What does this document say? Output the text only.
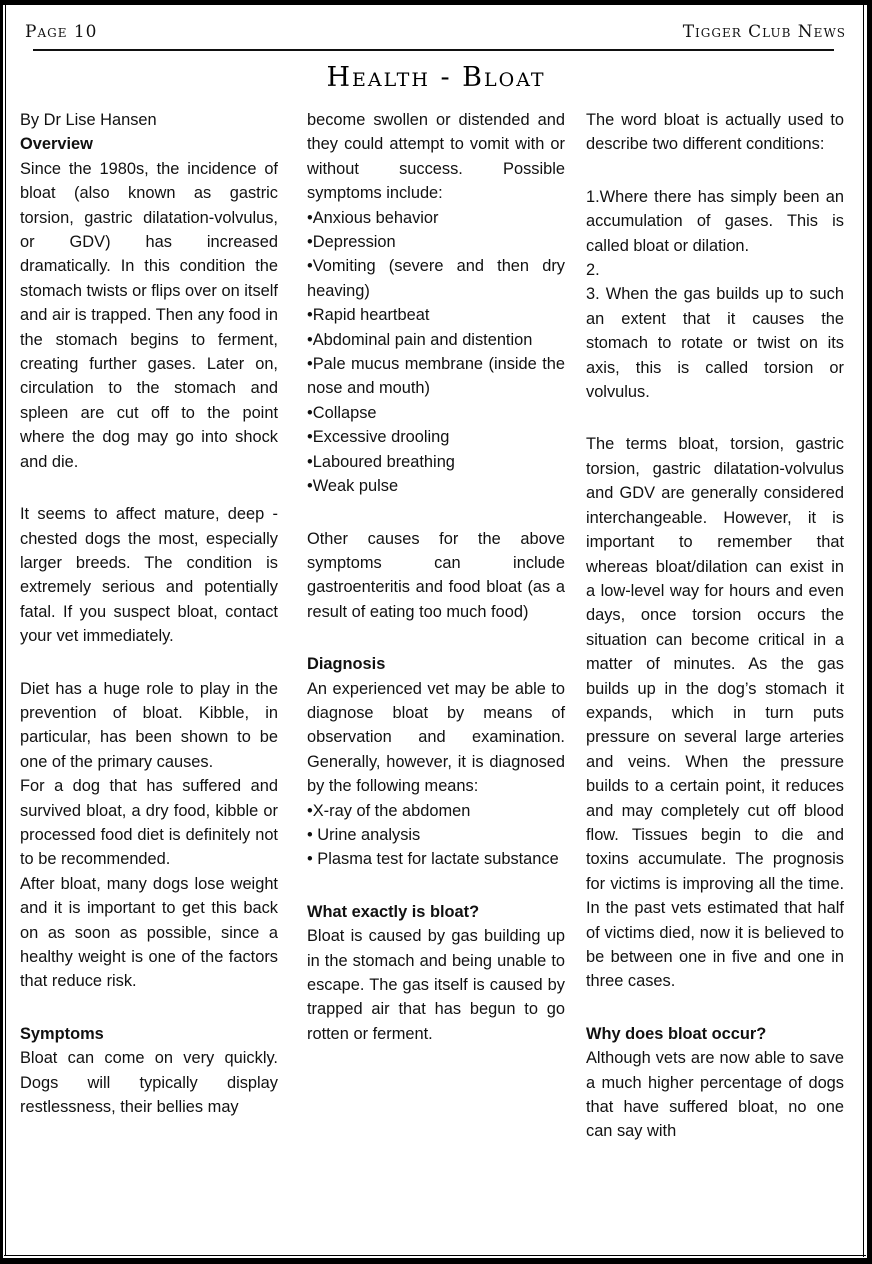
Page 10	Tigger Club News
Health - Bloat

By Dr Lise Hansen

Overview

Since the 1980s, the incidence of bloat (also known as gastric torsion, gastric dilatation-volvulus, or GDV) has increased dramatically. In this condition the stomach twists or flips over on itself and air is trapped. Then any food in the stomach begins to ferment, creating further gases. Later on, circulation to the stomach and spleen are cut off to the point where the dog may go into shock and die.

It seems to affect mature, deep -chested dogs the most, especially larger breeds. The condition is extremely serious and potentially fatal. If you suspect bloat, contact your vet immediately.

Diet has a huge role to play in the prevention of bloat. Kibble, in particular, has been shown to be one of the primary causes.

For a dog that has suffered and survived bloat, a dry food, kibble or processed food diet is definitely not to be recommended.

After bloat, many dogs lose weight and it is important to get this back on as soon as possible, since a healthy weight is one of the factors that reduce risk.

Symptoms

Bloat can come on very quickly. Dogs will typically display restlessness, their bellies may

become swollen or distended and they could attempt to vomit with or without success. Possible symptoms include:

• Anxious behavior

• Depression

• Vomiting (severe and then dry heaving)

• Rapid heartbeat

• Abdominal pain and distention

• Pale mucus membrane (inside the nose and mouth)

• Collapse

• Excessive drooling

• Laboured breathing

• Weak pulse

Other causes for the above symptoms can include gastroenteritis and food bloat (as a result of eating too much food)

Diagnosis

An experienced vet may be able to diagnose bloat by means of observation and examination. Generally, however, it is diagnosed by the following means:

• X-ray of the abdomen

• Urine analysis

• Plasma test for lactate substance

What exactly is bloat?

Bloat is caused by gas building up in the stomach and being unable to escape. The gas itself is caused by trapped air that has begun to go rotten or ferment.

The word bloat is actually used to describe two different conditions:

1.Where there has simply been an accumulation of gases. This is called bloat or dilation.

2.

3. When the gas builds up to such an extent that it causes the stomach to rotate or twist on its axis, this is called torsion or volvulus.

The terms bloat, torsion, gastric torsion, gastric dilatation-volvulus and GDV are generally considered interchangeable. However, it is important to remember that whereas bloat/dilation can exist in a low-level way for hours and even days, once torsion occurs the situation can become critical in a matter of minutes. As the gas builds up in the dog’s stomach it expands, which in turn puts pressure on several large arteries and veins. When the pressure builds to a certain point, it reduces and may completely cut off blood flow. Tissues begin to die and toxins accumulate. The prognosis for victims is improving all the time. In the past vets estimated that half of victims died, now it is believed to be between one in five and one in three cases.

Why does bloat occur?

Although vets are now able to save a much higher percentage of dogs that have suffered bloat, no one can say with
